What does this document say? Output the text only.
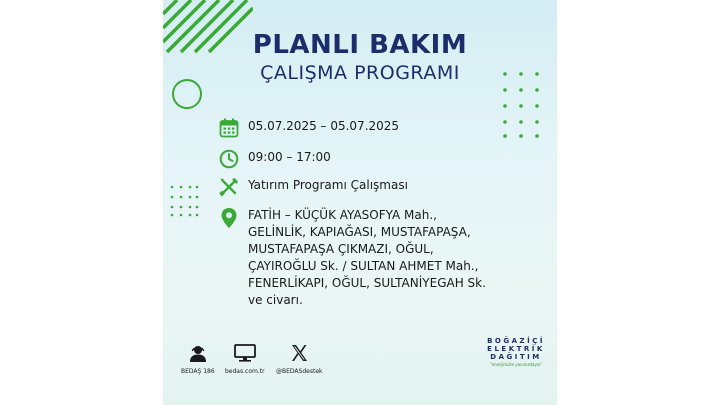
PLANLI BAKIM
ÇALIŞMA PROGRAMI
05.07.2025 – 05.07.2025
09:00 – 17:00
Yatırım Programı Çalışması
FATİH – KÜÇÜK AYASOFYA Mah.,
GELİNLİK, KAPIAĞASI, MUSTAFAPAŞA,
MUSTAFAPAŞA ÇIKMAZI, OĞUL,
ÇAYIROĞLU Sk. / SULTAN AHMET Mah.,
FENERLİKAPI, OĞUL, SULTANİYEGAH Sk.
ve civarı.
BEDAŞ 186 bedas.com.tr @BEDASdestek
BOĞAZİÇİ
ELEKTRİK
DAĞITIM
"enerjimizle yanınızdayız"
